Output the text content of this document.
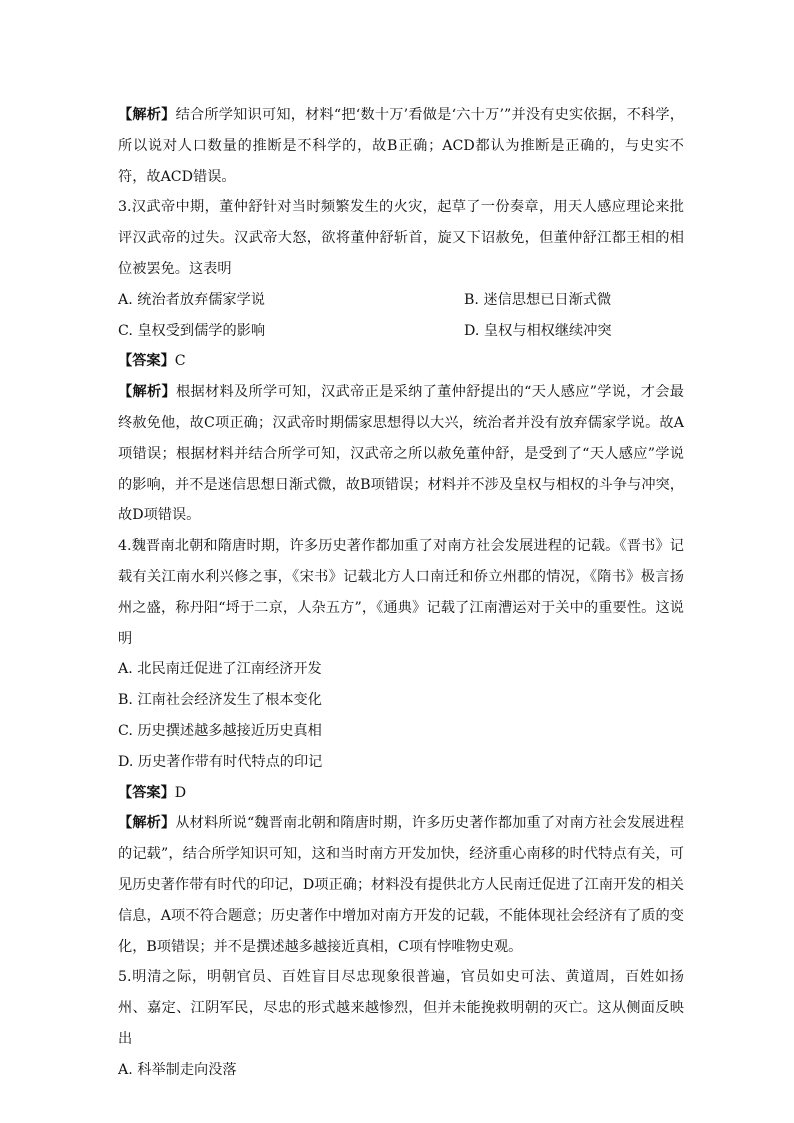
【解析】结合所学知识可知，材料“把‘数十万’看做是‘六十万’”并没有史实依据，不科学，所以说对人口数量的推断是不科学的，故B正确；ACD都认为推断是正确的，与史实不符，故ACD错误。

3.汉武帝中期，董仲舒针对当时频繁发生的火灾，起草了一份奏章，用天人感应理论来批评汉武帝的过失。汉武帝大怒，欲将董仲舒斩首，旋又下诏赦免，但董仲舒江都王相的相位被罢免。这表明

A. 统治者放弃儒家学说	B. 迷信思想已日渐式微
C. 皇权受到儒学的影响	D. 皇权与相权继续冲突

【答案】C

【解析】根据材料及所学可知，汉武帝正是采纳了董仲舒提出的“天人感应”学说，才会最终赦免他，故C项正确；汉武帝时期儒家思想得以大兴，统治者并没有放弃儒家学说。故A项错误；根据材料并结合所学可知，汉武帝之所以赦免董仲舒，是受到了“天人感应”学说的影响，并不是迷信思想日渐式微，故B项错误；材料并不涉及皇权与相权的斗争与冲突，故D项错误。

4.魏晋南北朝和隋唐时期，许多历史著作都加重了对南方社会发展进程的记载。《晋书》记载有关江南水利兴修之事，《宋书》记载北方人口南迁和侨立州郡的情况，《隋书》极言扬州之盛，称丹阳“埒于二京，人杂五方”，《通典》记载了江南漕运对于关中的重要性。这说明

A. 北民南迁促进了江南经济开发
B. 江南社会经济发生了根本变化
C. 历史撰述越多越接近历史真相
D. 历史著作带有时代特点的印记

【答案】D

【解析】从材料所说“魏晋南北朝和隋唐时期，许多历史著作都加重了对南方社会发展进程的记载”，结合所学知识可知，这和当时南方开发加快，经济重心南移的时代特点有关，可见历史著作带有时代的印记，D项正确；材料没有提供北方人民南迁促进了江南开发的相关信息，A项不符合题意；历史著作中增加对南方开发的记载，不能体现社会经济有了质的变化，B项错误；并不是撰述越多越接近真相，C项有悖唯物史观。

5.明清之际，明朝官员、百姓盲目尽忠现象很普遍，官员如史可法、黄道周，百姓如扬州、嘉定、江阴军民，尽忠的形式越来越惨烈，但并未能挽救明朝的灭亡。这从侧面反映出

A. 科举制走向没落
